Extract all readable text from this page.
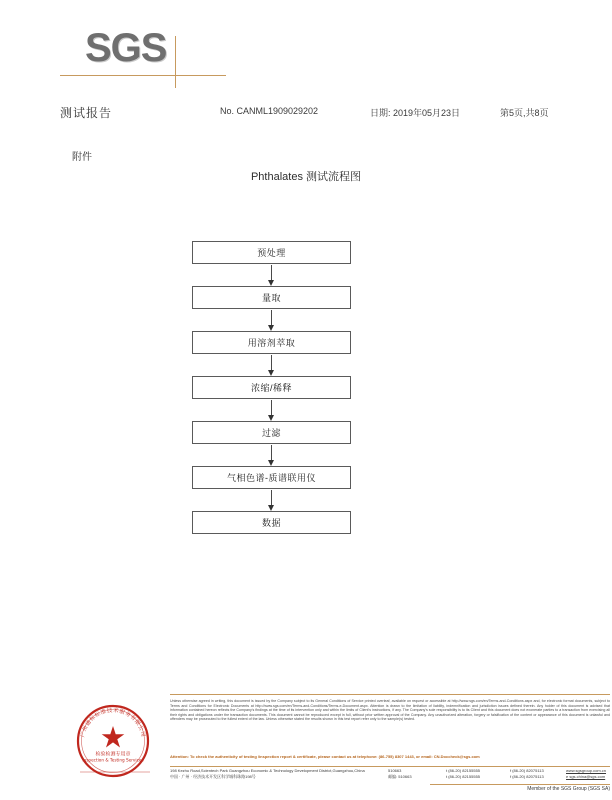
SGS
测试报告	No. CANML1909029202	日期: 2019年05月23日	第5页,共8页
附件
Phthalates 测试流程图
预处理
量取
用溶剂萃取
浓缩/稀释
过滤
气相色谱-质谱联用仪
数据
广州通标标准技术服务有限公司
检验检测专用章
Inspection & Testing Services
Unless otherwise agreed in writing, this document is issued by the Company subject to its General Conditions of Service printed overleaf, available on request or accessible at http://www.sgs.com/en/Terms-and-Conditions.aspx and, for electronic format documents, subject to Terms and Conditions for Electronic Documents at http://www.sgs.com/en/Terms-and-Conditions/Terms-e-Document.aspx. Attention is drawn to the limitation of liability, indemnification and jurisdiction issues defined therein. Any holder of this document is advised that information contained hereon reflects the Company's findings at the time of its intervention only and within the limits of Client's instructions, if any. The Company's sole responsibility is to its Client and this document does not exonerate parties to a transaction from exercising all their rights and obligations under the transaction documents. This document cannot be reproduced except in full, without prior written approval of the Company. Any unauthorized alteration, forgery or falsification of the content or appearance of this document is unlawful and offenders may be prosecuted to the fullest extent of the law. Unless otherwise stated the results shown in this test report refer only to the sample(s) tested.
Attention: To check the authenticity of testing /inspection report & certificate, please contact us at telephone: (86-755) 8307 1443, or email: CN.Doccheck@sgs.com
198 Kezhu Road,Scientech Park Guangzhou Economic & Technology Development District,Guangzhou,China	510663	t (86-20) 82155555	f (86-20) 82075113	www.sgsgroup.com.cn
中国 · 广州 · 经济技术开发区科学城科珠路198号	邮编: 510663	t (86-20) 82155555	f (86-20) 82075113	e sgs.china@sgs.com
Member of the SGS Group (SGS SA)
